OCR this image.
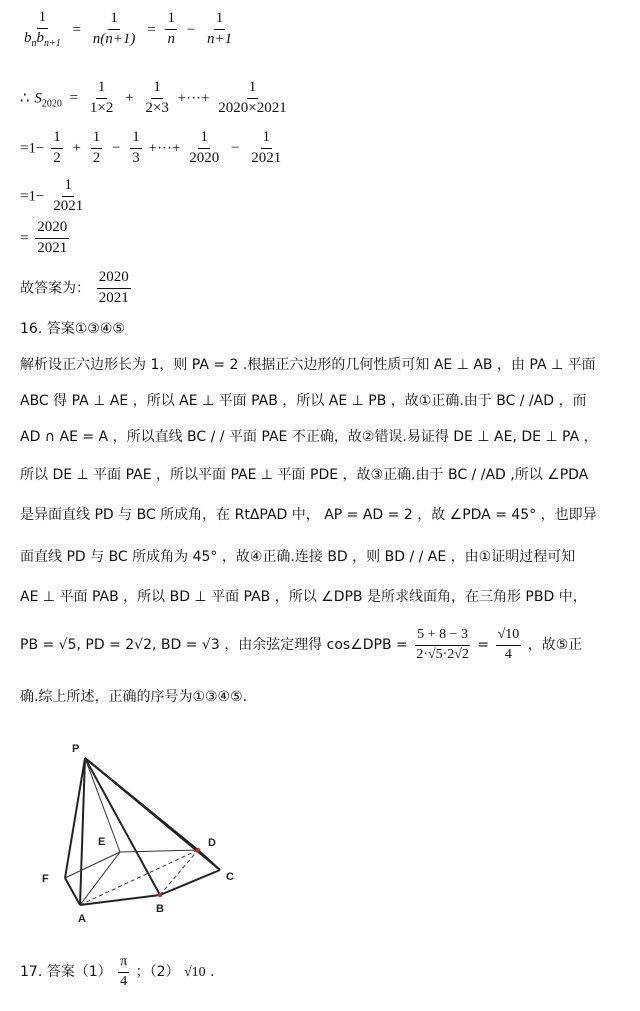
$\frac{1}{b_nb_{n+1}} = \frac{1}{n(n+1)} = \frac{1}{n} - \frac{1}{n+1}$
∴ $S_{2020} = \frac{1}{1\times 2} + \frac{1}{2\times 3}$ +···+ $\frac{1}{2020\times 2021}$
$=1- \frac{1}{2} + \frac{1}{2} - \frac{1}{3}$ +···+ $\frac{1}{2020} - \frac{1}{2021}$
$=1- \frac{1}{2021}$
= $\frac{2020}{2021}$
故答案为： $\frac{2020}{2021}$
16. 答案①③④⑤
解析设正六边形长为 1，则 PA = 2 .根据正六边形的几何性质可知 AE ⊥ AB ，由 PA ⊥ 平面
ABC 得 PA ⊥ AE ，所以 AE ⊥ 平面 PAB ，所以 AE ⊥ PB ，故①正确.由于 BC / /AD ，而
AD ∩ AE = A ，所以直线 BC / / 平面 PAE 不正确，故②错误.易证得 DE ⊥ AE, DE ⊥ PA ，
所以 DE ⊥ 平面 PAE ，所以平面 PAE ⊥ 平面 PDE ，故③正确.由于 BC / /AD ,所以 ∠PDA
是异面直线 PD 与 BC 所成角，在 RtΔPAD 中， AP = AD = 2 ，故 ∠PDA = 45° ，也即异
面直线 PD 与 BC 所成角为 45° ，故④正确.连接 BD ，则 BD / / AE ，由①证明过程可知
AE ⊥ 平面 PAB ，所以 BD ⊥ 平面 PAB ，所以 ∠DPB 是所求线面角，在三角形 PBD 中，
PB = √5, PD = 2√2, BD = √3 ，由余弦定理得 cos∠DPB = $\frac{5 + 8 - 3}{2\cdot√5\cdot 2√2} = \frac{√10}{4}$ ，故⑤正
确.综上所述，正确的序号为①③④⑤.
P
E	D
F	C
A
B
17. 答案$(1) \frac{\pi}{4}$ ；（2） √10 .
